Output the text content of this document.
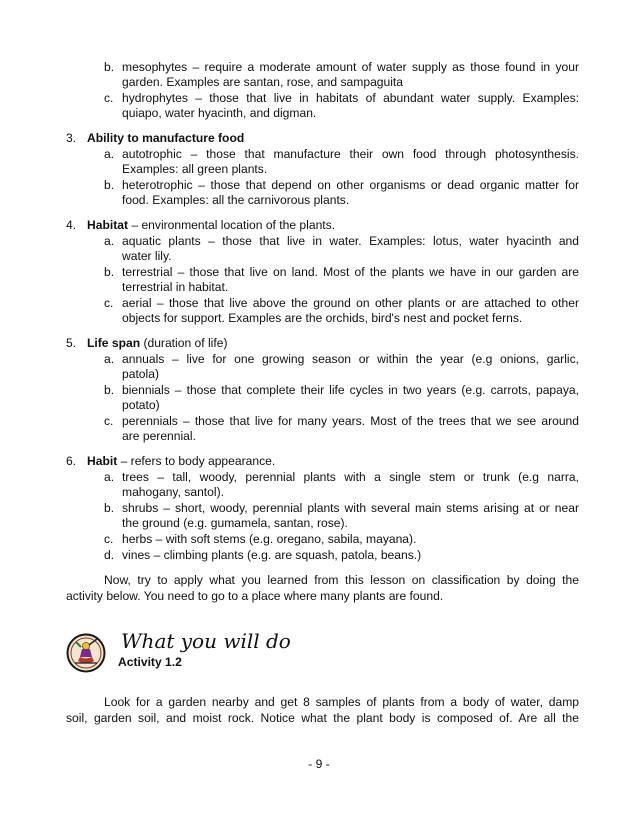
b. mesophytes – require a moderate amount of water supply as those found in your
garden. Examples are santan, rose, and sampaguita
c. hydrophytes – those that live in habitats of abundant water supply. Examples:
quiapo, water hyacinth, and digman.
3. Ability to manufacture food
a. autotrophic – those that manufacture their own food through photosynthesis.
Examples: all green plants.
b. heterotrophic – those that depend on other organisms or dead organic matter for
food. Examples: all the carnivorous plants.
4. Habitat – environmental location of the plants.
a. aquatic plants – those that live in water. Examples: lotus, water hyacinth and
water lily.
b. terrestrial – those that live on land. Most of the plants we have in our garden are
terrestrial in habitat.
c. aerial – those that live above the ground on other plants or are attached to other
objects for support. Examples are the orchids, bird's nest and pocket ferns.
5. Life span (duration of life)
a. annuals – live for one growing season or within the year (e.g onions, garlic,
patola)
b. biennials – those that complete their life cycles in two years (e.g. carrots, papaya,
potato)
c. perennials – those that live for many years. Most of the trees that we see around
are perennial.
6. Habit – refers to body appearance.
a. trees – tall, woody, perennial plants with a single stem or trunk (e.g narra,
mahogany, santol).
b. shrubs – short, woody, perennial plants with several main stems arising at or near
the ground (e.g. gumamela, santan, rose).
c. herbs – with soft stems (e.g. oregano, sabila, mayana).
d. vines – climbing plants (e.g. are squash, patola, beans.)
Now, try to apply what you learned from this lesson on classification by doing the
activity below. You need to go to a place where many plants are found.
What you will do
Activity 1.2
Look for a garden nearby and get 8 samples of plants from a body of water, damp
soil, garden soil, and moist rock. Notice what the plant body is composed of. Are all the
- 9 -
